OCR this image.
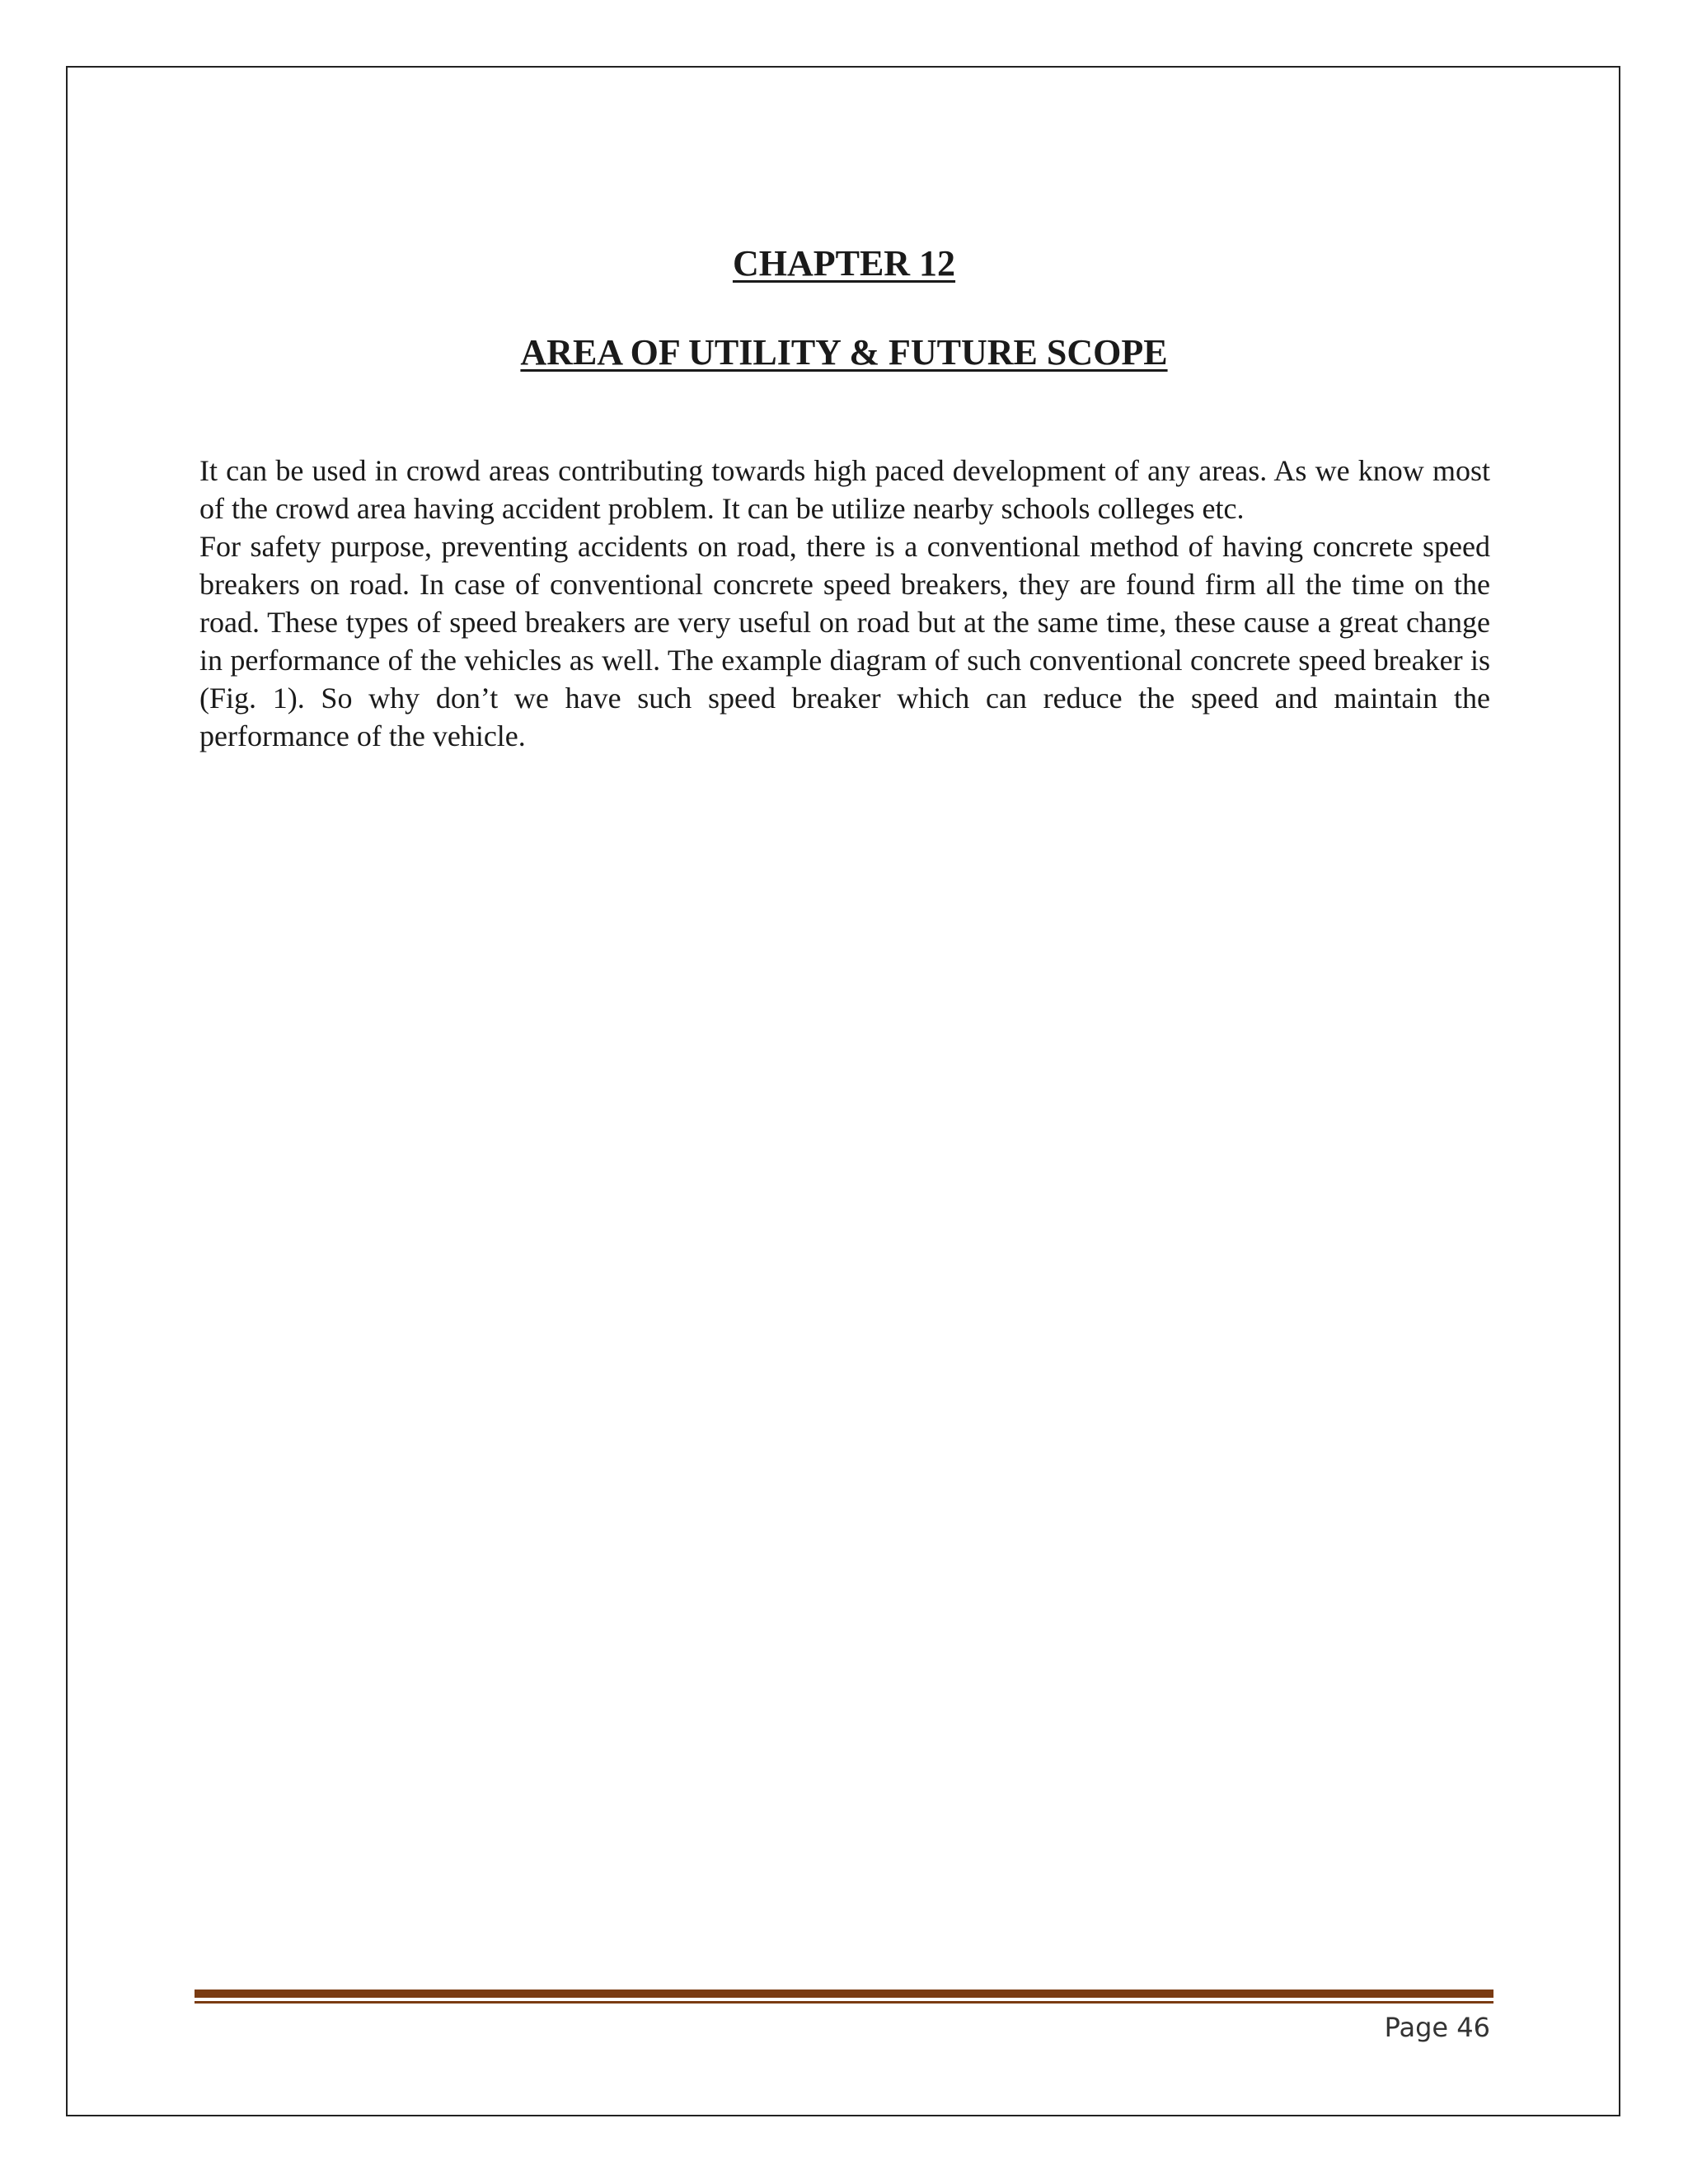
CHAPTER 12
AREA OF UTILITY & FUTURE SCOPE

It can be used in crowd areas contributing towards high paced development of any areas. As we know most of the crowd area having accident problem. It can be utilize nearby schools colleges etc.

For safety purpose, preventing accidents on road, there is a conventional method of having concrete speed breakers on road. In case of conventional concrete speed breakers, they are found firm all the time on the road. These types of speed breakers are very useful on road but at the same time, these cause a great change in performance of the vehicles as well. The example diagram of such conventional concrete speed breaker is (Fig. 1). So why don’t we have such speed breaker which can reduce the speed and maintain the performance of the vehicle.

Page 46
